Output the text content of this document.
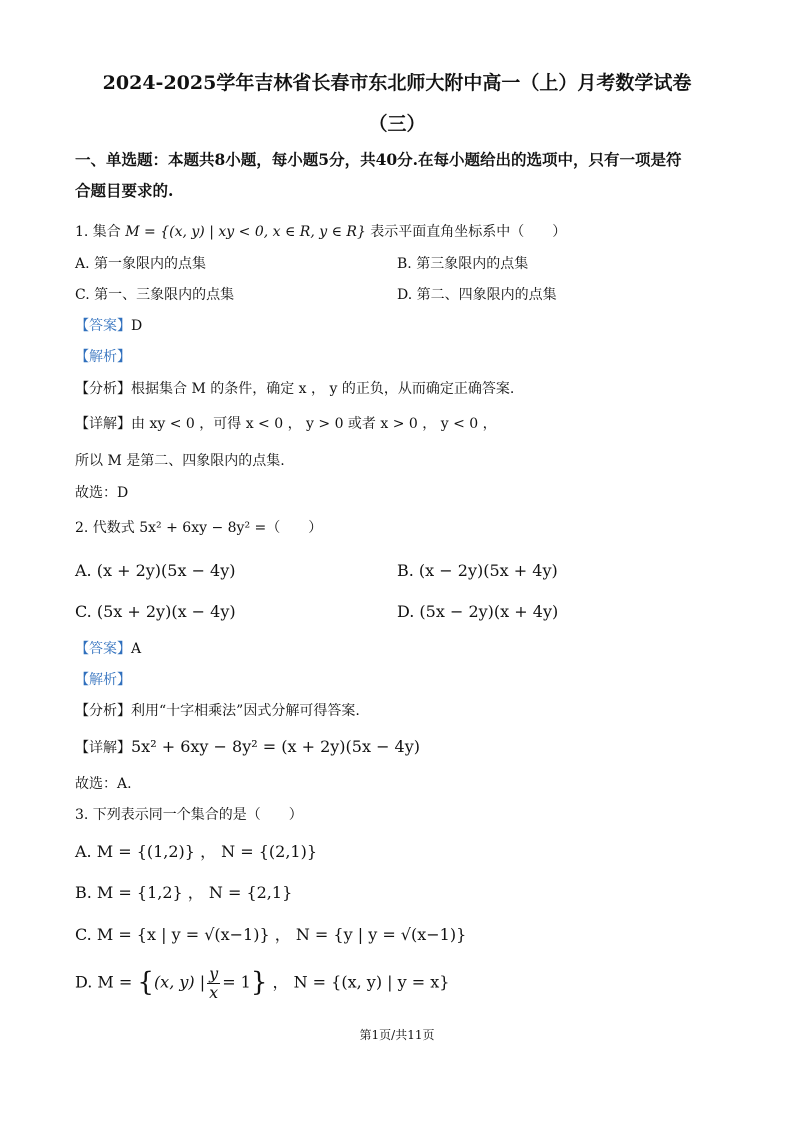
2024-2025学年吉林省长春市东北师大附中高一（上）月考数学试卷
（三）
一、单选题：本题共8小题，每小题5分，共40分.在每小题给出的选项中，只有一项是符
合题目要求的.
1. 集合 M = {(x, y) | xy < 0, x ∈ R, y ∈ R} 表示平面直角坐标系中（　　）
A. 第一象限内的点集	B. 第三象限内的点集
C. 第一、三象限内的点集	D. 第二、四象限内的点集
【答案】D
【解析】
【分析】根据集合 M 的条件，确定 x ， y 的正负，从而确定正确答案.
【详解】由 xy < 0 ，可得 x < 0 ， y > 0 或者 x > 0 ， y < 0 ，
所以 M 是第二、四象限内的点集.
故选：D
2. 代数式 5x² + 6xy − 8y² =（　　）
A. (x + 2y)(5x − 4y)	B. (x − 2y)(5x + 4y)
C. (5x + 2y)(x − 4y)	D. (5x − 2y)(x + 4y)
【答案】A
【解析】
【分析】利用“十字相乘法”因式分解可得答案.
【详解】5x² + 6xy − 8y² = (x + 2y)(5x − 4y)
故选：A.
3. 下列表示同一个集合的是（　　）
A. M = {(1,2)} ， N = {(2,1)}
B. M = {1,2} ， N = {2,1}
C. M = {x | y = √(x−1)} ， N = {y | y = √(x−1)}
D. M = {(x, y) | $\frac{y}{x} = 1$} ， N = {(x, y) | y = x}
第1页/共11页
